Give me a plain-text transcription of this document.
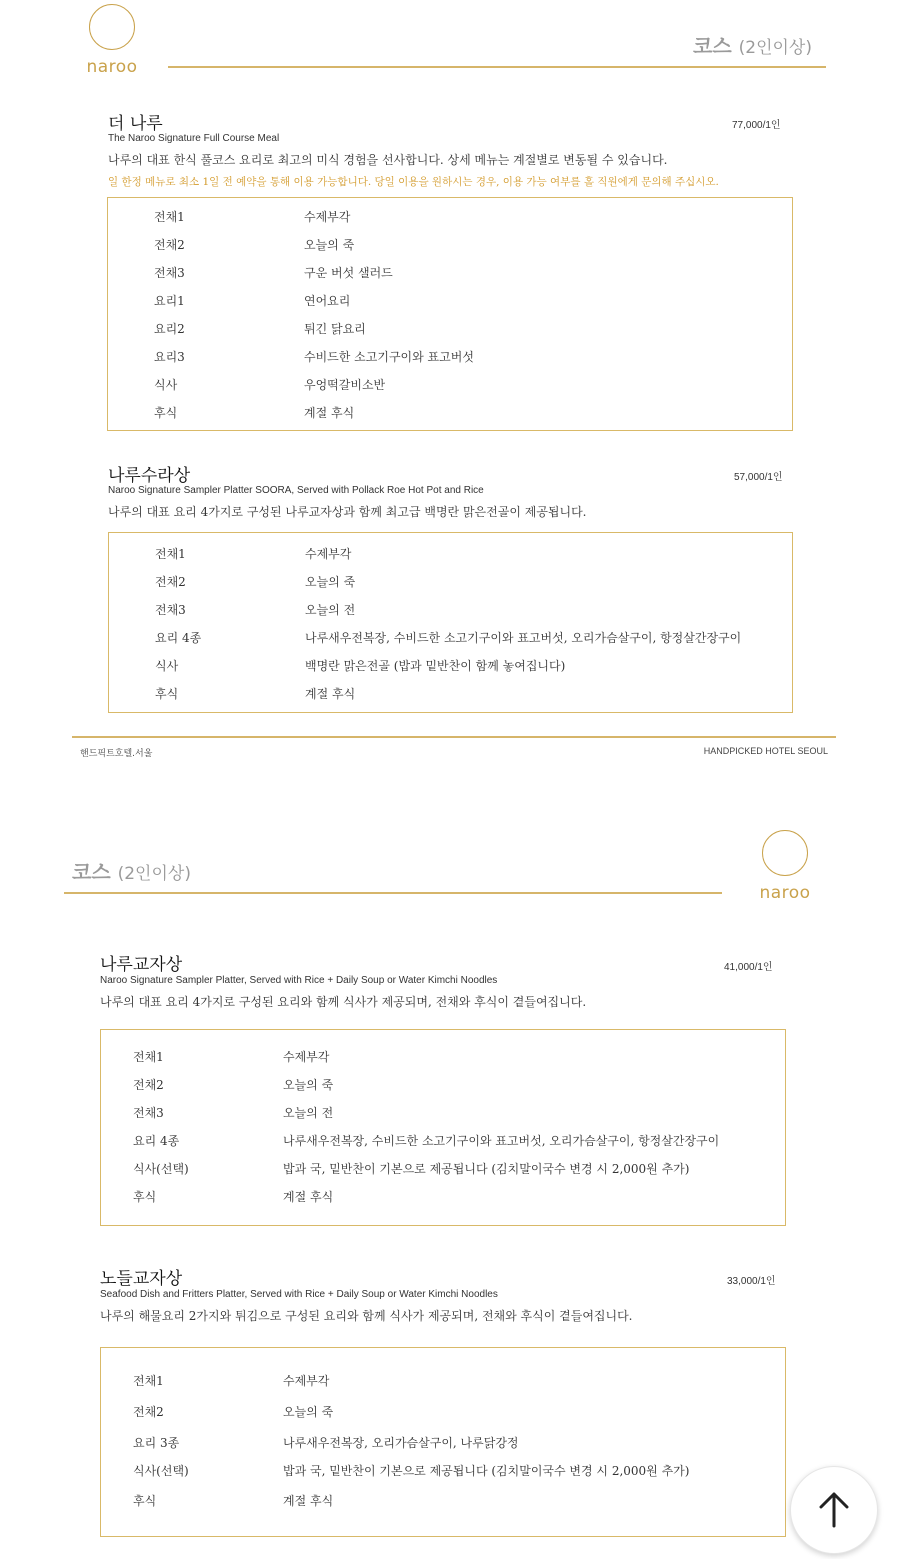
naroo
코스 (2인이상)
더 나루	77,000/1인
The Naroo Signature Full Course Meal
나루의 대표 한식 풀코스 요리로 최고의 미식 경험을 선사합니다. 상세 메뉴는 계절별로 변동될 수 있습니다.
일 한정 메뉴로 최소 1일 전 예약을 통해 이용 가능합니다. 당일 이용을 원하시는 경우, 이용 가능 여부를 홀 직원에게 문의해 주십시오.
전채1	수제부각
전채2	오늘의 죽
전채3	구운 버섯 샐러드
요리1	연어요리
요리2	튀긴 닭요리
요리3	수비드한 소고기구이와 표고버섯
식사	우엉떡갈비소반
후식	계절 후식
나루수라상	57,000/1인
Naroo Signature Sampler Platter SOORA, Served with Pollack Roe Hot Pot and Rice
나루의 대표 요리 4가지로 구성된 나루교자상과 함께 최고급 백명란 맑은전골이 제공됩니다.
전채1	수제부각
전채2	오늘의 죽
전채3	오늘의 전
요리 4종	나루새우전복장, 수비드한 소고기구이와 표고버섯, 오리가슴살구이, 항정살간장구이
식사	백명란 맑은전골 (밥과 밑반찬이 함께 놓여집니다)
후식	계절 후식
핸드픽트호텔.서울	HANDPICKED HOTEL SEOUL
코스 (2인이상)
naroo
나루교자상	41,000/1인
Naroo Signature Sampler Platter, Served with Rice + Daily Soup or Water Kimchi Noodles
나루의 대표 요리 4가지로 구성된 요리와 함께 식사가 제공되며, 전채와 후식이 곁들여집니다.
전채1	수제부각
전채2	오늘의 죽
전채3	오늘의 전
요리 4종	나루새우전복장, 수비드한 소고기구이와 표고버섯, 오리가슴살구이, 항정살간장구이
식사(선택)	밥과 국, 밑반찬이 기본으로 제공됩니다 (김치말이국수 변경 시 2,000원 추가)
후식	계절 후식
노들교자상	33,000/1인
Seafood Dish and Fritters Platter, Served with Rice + Daily Soup or Water Kimchi Noodles
나루의 해물요리 2가지와 튀김으로 구성된 요리와 함께 식사가 제공되며, 전채와 후식이 곁들여집니다.
전채1	수제부각
전채2	오늘의 죽
요리 3종	나루새우전복장, 오리가슴살구이, 나루닭강정
식사(선택)	밥과 국, 밑반찬이 기본으로 제공됩니다 (김치말이국수 변경 시 2,000원 추가)
후식	계절 후식
